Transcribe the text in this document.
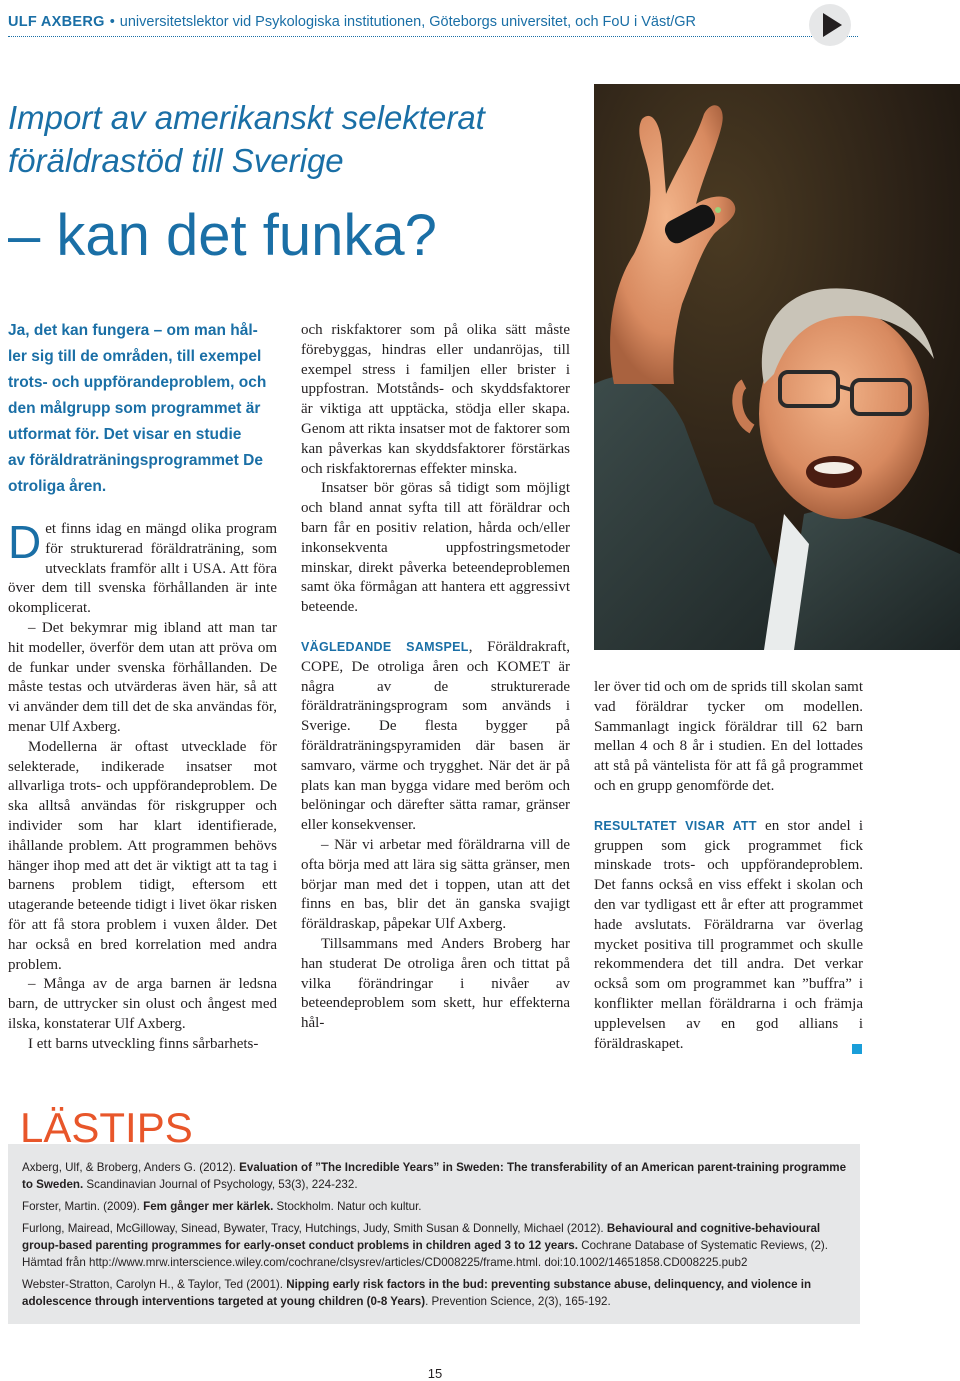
ULF AXBERG • universitetslektor vid Psykologiska institutionen, Göteborgs universitet, och FoU i Väst/GR
Import av amerikanskt selekterat
föräldrastöd till Sverige
– kan det funka?
Ja, det kan fungera – om man hål-
ler sig till de områden, till exempel
trots- och uppförandeproblem, och
den målgrupp som programmet är
utformat för. Det visar en studie
av föräldraträningsprogrammet De
otroliga åren.

Det finns idag en mängd olika program för strukturerad föräldraträning, som utvecklats framför allt i USA. Att föra över dem till svenska förhållanden är inte okomplicerat.

– Det bekymrar mig ibland att man tar hit modeller, överför dem utan att pröva om de funkar under svenska förhållanden. De måste testas och utvärderas även här, så att vi använder dem till det de ska användas för, menar Ulf Axberg.

Modellerna är oftast utvecklade för selekterade, indikerade insatser mot allvarliga trots- och uppförandeproblem. De ska alltså användas för riskgrupper och individer som har klart identifierade, ihållande problem. Att programmen behövs hänger ihop med att det är viktigt att ta tag i barnens problem tidigt, eftersom ett utagerande beteende tidigt i livet ökar risken för att få stora problem i vuxen ålder. Det har också en bred korrelation med andra problem.

– Många av de arga barnen är ledsna barn, de uttrycker sin olust och ångest med ilska, konstaterar Ulf Axberg.

I ett barns utveckling finns sårbarhets-

och riskfaktorer som på olika sätt måste förebyggas, hindras eller undanröjas, till exempel stress i familjen eller brister i uppfostran. Motstånds- och skyddsfaktorer är viktiga att upptäcka, stödja eller skapa. Genom att rikta insatser mot de faktorer som kan påverkas kan skyddsfaktorer förstärkas och riskfaktorernas effekter minska.

Insatser bör göras så tidigt som möjligt och bland annat syfta till att föräldrar och barn får en positiv relation, hårda och/eller inkonsekventa uppfostringsmetoder minskar, direkt påverka beteendeproblemen samt öka förmågan att hantera ett aggressivt beteende.

VÄGLEDANDE SAMSPEL, Föräldrakraft, COPE, De otroliga åren och KOMET är några av de strukturerade föräldraträningsprogram som används i Sverige. De flesta bygger på föräldraträningspyramiden där basen är samvaro, värme och trygghet. När det är på plats kan man bygga vidare med beröm och belöningar och därefter sätta ramar, gränser eller konsekvenser.

– När vi arbetar med föräldrarna vill de ofta börja med att lära sig sätta gränser, men börjar man med det i toppen, utan att det finns en bas, blir det än ganska svajigt föräldraskap, påpekar Ulf Axberg.

Tillsammans med Anders Broberg har han studerat De otroliga åren och tittat på vilka förändringar i nivåer av beteendeproblem som skett, hur effekterna hål-

ler över tid och om de sprids till skolan samt vad föräldrar tycker om modellen. Sammanlagt ingick föräldrar till 62 barn mellan 4 och 8 år i studien. En del lottades att stå på väntelista för att få gå programmet och en grupp genomförde det.

RESULTATET VISAR ATT en stor andel i gruppen som gick programmet fick minskade trots- och uppförandeproblem. Det fanns också en viss effekt i skolan och den var tydligast ett år efter att programmet hade avslutats. Föräldrarna var överlag mycket positiva till programmet och skulle rekommendera det till andra. Det verkar också som om programmet kan ”buffra” i konflikter mellan föräldrarna i och främja upplevelsen av en god allians i föräldraskapet.

LÄSTIPS

Axberg, Ulf, & Broberg, Anders G. (2012). Evaluation of ”The Incredible Years” in Sweden: The transferability of an American parent-training programme to Sweden. Scandinavian Journal of Psychology, 53(3), 224-232.

Forster, Martin. (2009). Fem gånger mer kärlek. Stockholm. Natur och kultur.

Furlong, Mairead, McGilloway, Sinead, Bywater, Tracy, Hutchings, Judy, Smith Susan & Donnelly, Michael (2012). Behavioural and cognitive-behavioural group-based parenting programmes for early-onset conduct problems in children aged 3 to 12 years. Cochrane Database of Systematic Reviews, (2). Hämtad från http://www.mrw.interscience.wiley.com/cochrane/clsysrev/articles/CD008225/frame.html. doi:10.1002/14651858.CD008225.pub2

Webster-Stratton, Carolyn H., & Taylor, Ted (2001). Nipping early risk factors in the bud: preventing substance abuse, delinquency, and violence in adolescence through interventions targeted at young children (0-8 Years). Prevention Science, 2(3), 165-192.

15
